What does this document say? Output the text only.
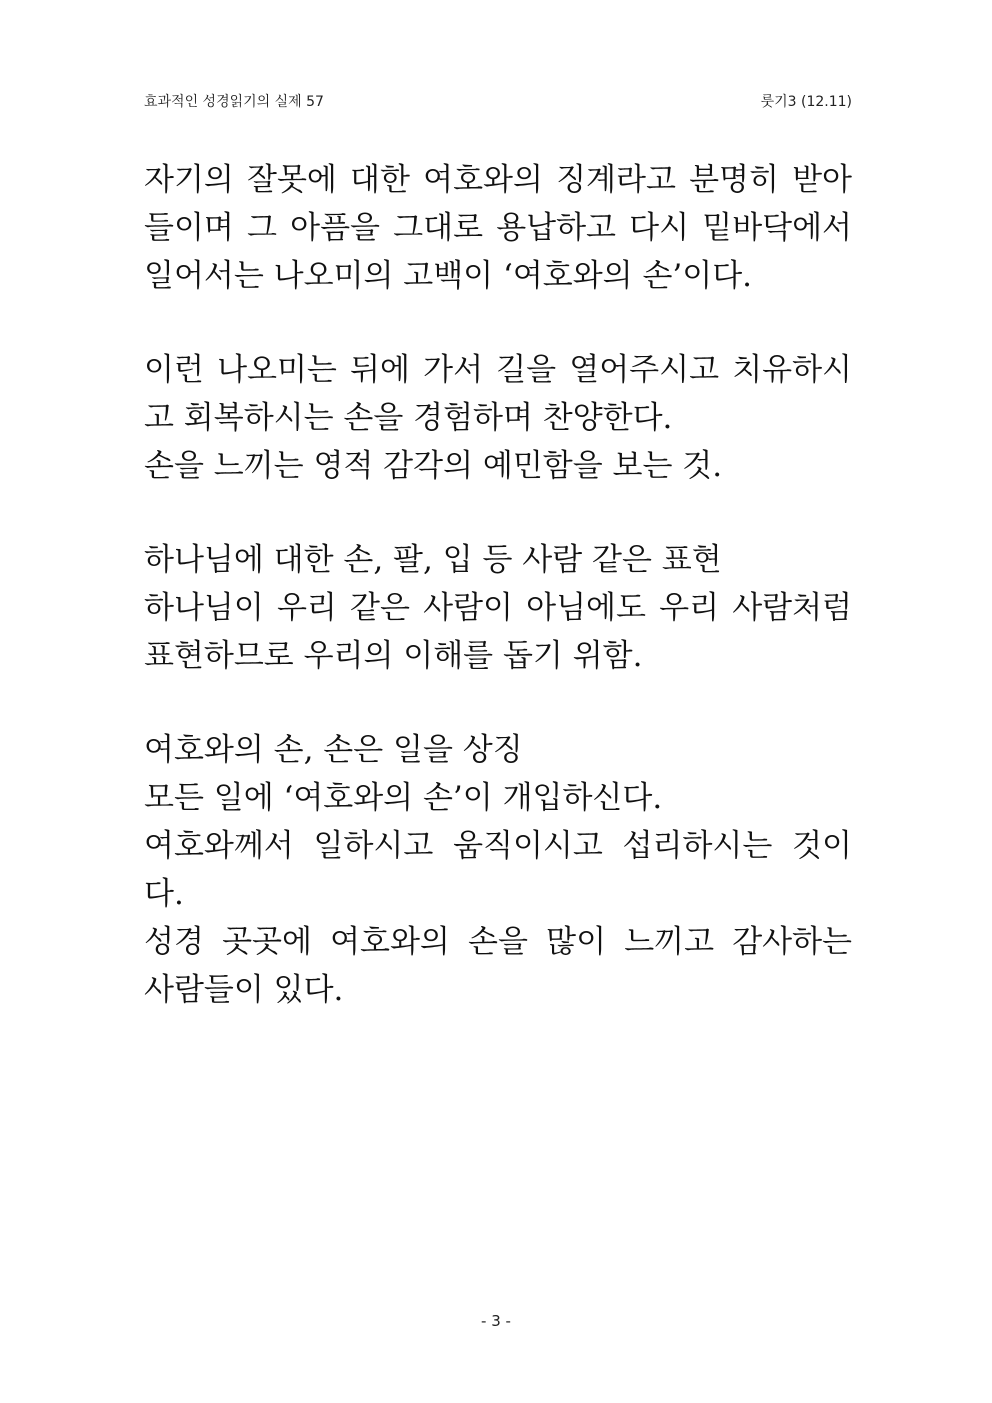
효과적인 성경읽기의 실제 57	룻기3 (12.11)
자기의 잘못에 대한 여호와의 징계라고 분명히 받아
들이며 그 아픔을 그대로 용납하고 다시 밑바닥에서
일어서는 나오미의 고백이 ‘여호와의 손’이다.
이런 나오미는 뒤에 가서 길을 열어주시고 치유하시
고 회복하시는 손을 경험하며 찬양한다.
손을 느끼는 영적 감각의 예민함을 보는 것.
하나님에 대한 손, 팔, 입 등 사람 같은 표현
하나님이 우리 같은 사람이 아님에도 우리 사람처럼
표현하므로 우리의 이해를 돕기 위함.
여호와의 손, 손은 일을 상징
모든 일에 ‘여호와의 손’이 개입하신다.
여호와께서 일하시고 움직이시고 섭리하시는 것이
다.
성경 곳곳에 여호와의 손을 많이 느끼고 감사하는
사람들이 있다.
- 3 -
